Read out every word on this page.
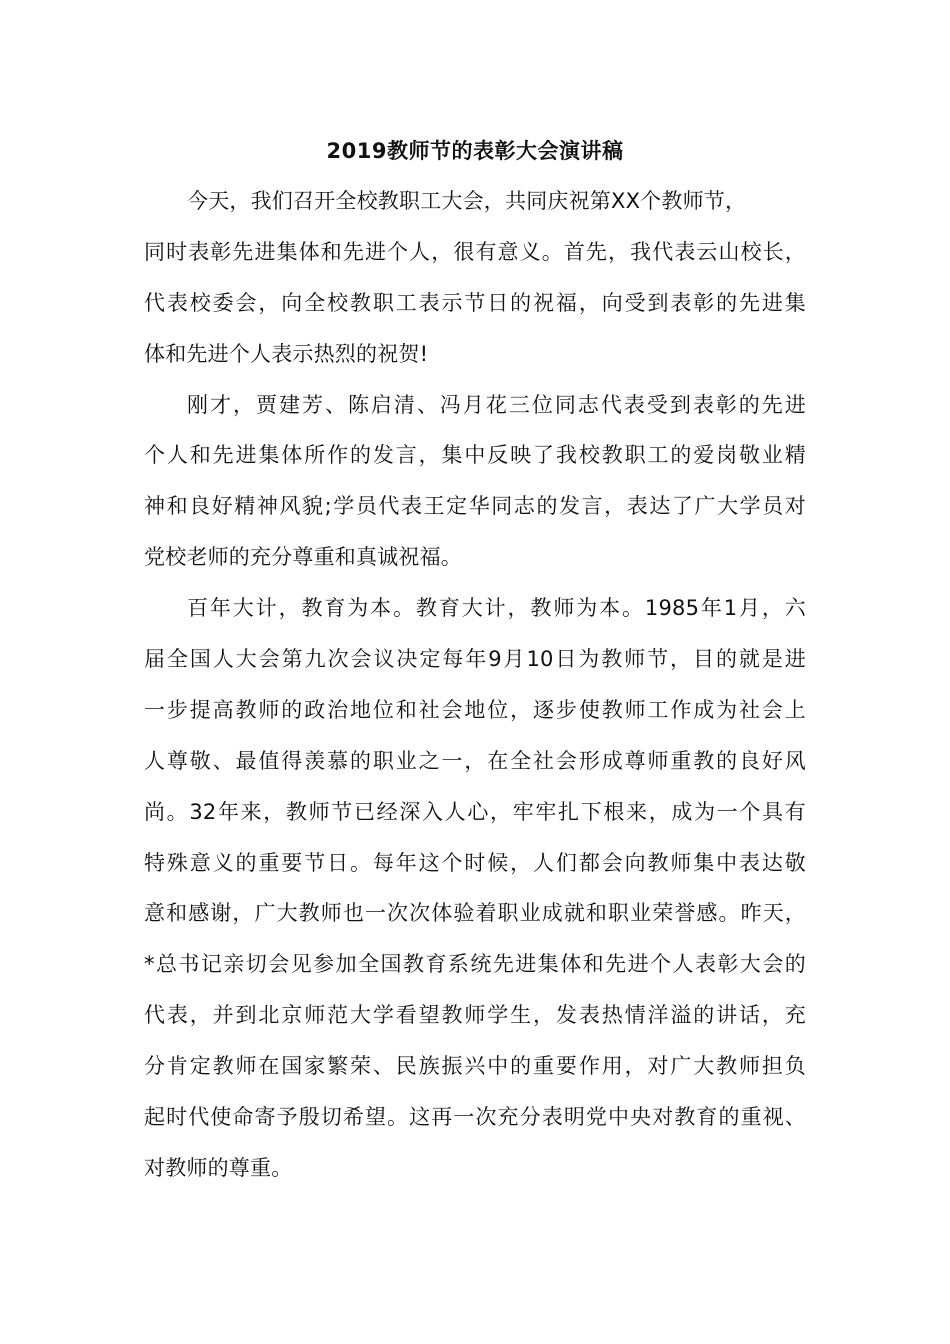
2019教师节的表彰大会演讲稿
今天，我们召开全校教职工大会，共同庆祝第XX个教师节，
同时表彰先进集体和先进个人，很有意义。首先，我代表云山校长，
代表校委会，向全校教职工表示节日的祝福，向受到表彰的先进集
体和先进个人表示热烈的祝贺!
刚才，贾建芳、陈启清、冯月花三位同志代表受到表彰的先进
个人和先进集体所作的发言，集中反映了我校教职工的爱岗敬业精
神和良好精神风貌;学员代表王定华同志的发言，表达了广大学员对
党校老师的充分尊重和真诚祝福。
百年大计，教育为本。教育大计，教师为本。1985年1月，六
届全国人大会第九次会议决定每年9月10日为教师节，目的就是进
一步提高教师的政治地位和社会地位，逐步使教师工作成为社会上
人尊敬、最值得羡慕的职业之一，在全社会形成尊师重教的良好风
尚。32年来，教师节已经深入人心，牢牢扎下根来，成为一个具有
特殊意义的重要节日。每年这个时候，人们都会向教师集中表达敬
意和感谢，广大教师也一次次体验着职业成就和职业荣誉感。昨天，
*总书记亲切会见参加全国教育系统先进集体和先进个人表彰大会的
代表，并到北京师范大学看望教师学生，发表热情洋溢的讲话，充
分肯定教师在国家繁荣、民族振兴中的重要作用，对广大教师担负
起时代使命寄予殷切希望。这再一次充分表明党中央对教育的重视、
对教师的尊重。
